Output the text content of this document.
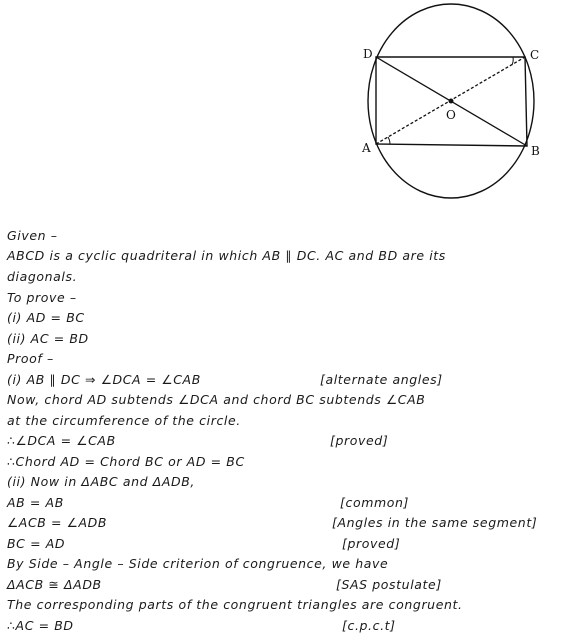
D	C
A	B
O
Given –
ABCD is a cyclic quadriteral in which AB ∥ DC. AC and BD are its
diagonals.
To prove –
(i) AD = BC
(ii) AC = BD
Proof –
(i) AB ∥ DC ⇒ ∠DCA = ∠CAB	[alternate angles]
Now, chord AD subtends ∠DCA and chord BC subtends ∠CAB
at the circumference of the circle.
∴∠DCA = ∠CAB	[proved]
∴Chord AD = Chord BC or AD = BC
(ii) Now in ΔABC and ΔADB,
AB = AB	[common]
∠ACB = ∠ADB	[Angles in the same segment]
BC = AD	[proved]
By Side – Angle – Side criterion of congruence, we have
ΔACB ≅ ΔADB	[SAS postulate]
The corresponding parts of the congruent triangles are congruent.
∴AC = BD	[c.p.c.t]
